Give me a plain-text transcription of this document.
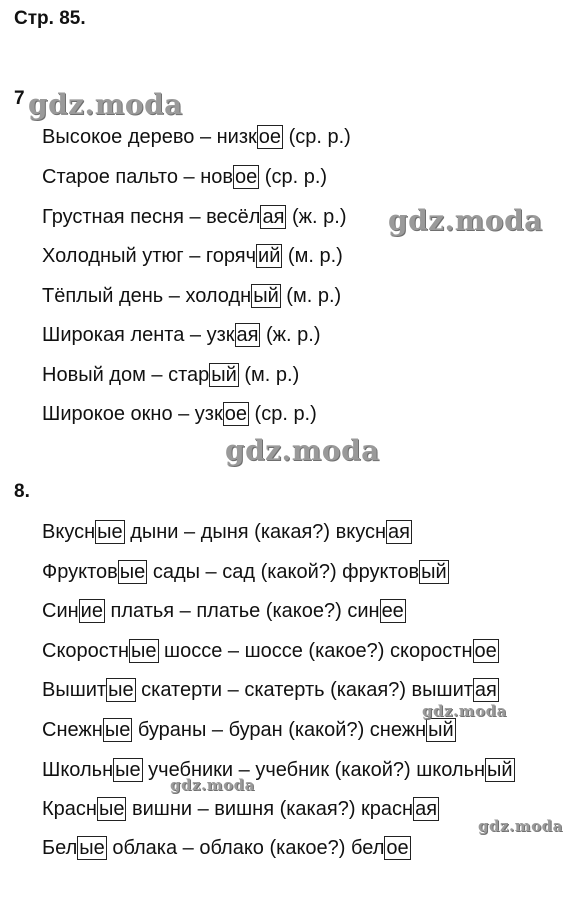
Стр. 85.
7
Высокое дерево – низк ое (ср. р.)
Старое пальто – нов ое (ср. р.)
Грустная песня – весёл ая (ж. р.)
Холодный утюг – горяч ий (м. р.)
Тёплый день – холодн ый (м. р.)
Широкая лента – узк ая (ж. р.)
Новый дом – стар ый (м. р.)
Широкое окно – узк ое (ср. р.)
8.
Вкусн ые дыни – дыня (какая?) вкусн ая
Фруктов ые сады – сад (какой?) фруктов ый
Син ие платья – платье (какое?) син ее
Скоростн ые шоссе – шоссе (какое?) скоростн ое
Вышит ые скатерти – скатерть (какая?) вышит ая
Снежн ые бураны – буран (какой?) снежн ый
Школьн ые учебники – учебник (какой?) школьн ый
Красн ые вишни – вишня (какая?) красн ая
Бел ые облака – облако (какое?) бел ое
gdz.moda
gdz.moda
gdz.moda
gdz.moda
gdz.moda
gdz.moda
